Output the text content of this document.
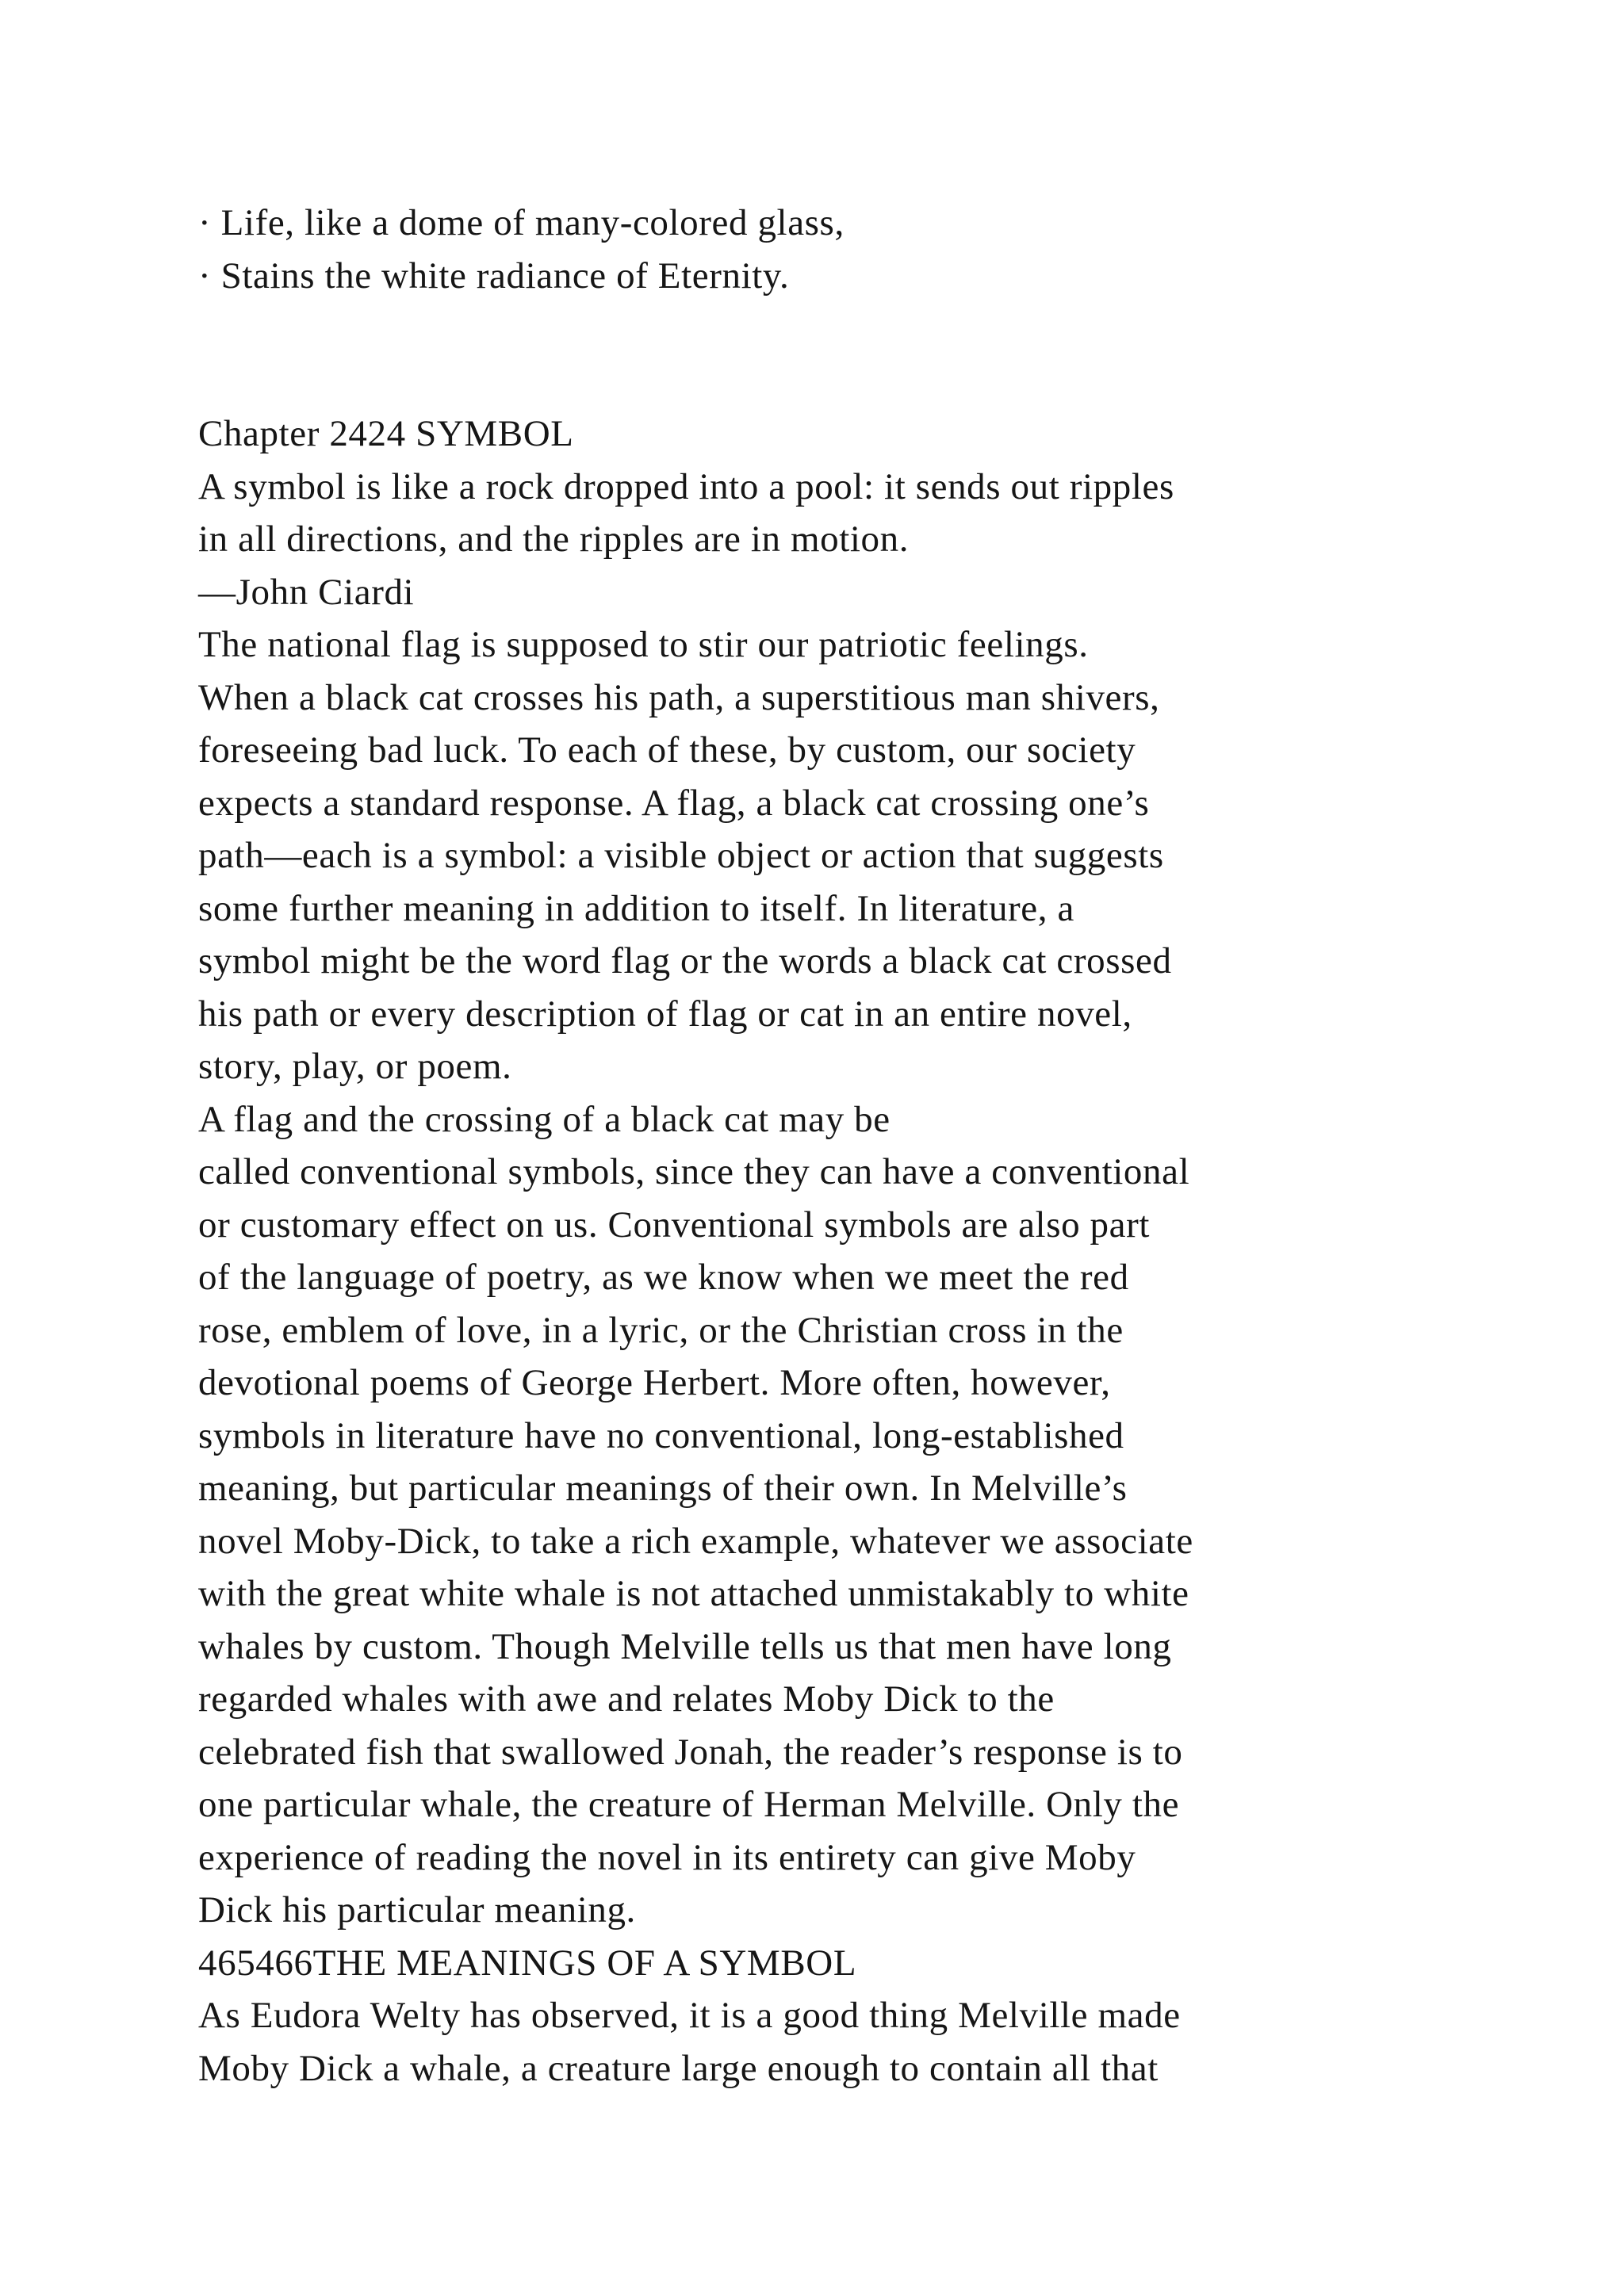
· Life, like a dome of many-colored glass,
· Stains the white radiance of Eternity.
Chapter 2424 SYMBOL
A symbol is like a rock dropped into a pool: it sends out ripples
in all directions, and the ripples are in motion.
—John Ciardi
The national flag is supposed to stir our patriotic feelings.
When a black cat crosses his path, a superstitious man shivers,
foreseeing bad luck. To each of these, by custom, our society
expects a standard response. A flag, a black cat crossing one’s
path—each is a symbol: a visible object or action that suggests
some further meaning in addition to itself. In literature, a
symbol might be the word flag or the words a black cat crossed
his path or every description of flag or cat in an entire novel,
story, play, or poem.
A flag and the crossing of a black cat may be
called conventional symbols, since they can have a conventional
or customary effect on us. Conventional symbols are also part
of the language of poetry, as we know when we meet the red
rose, emblem of love, in a lyric, or the Christian cross in the
devotional poems of George Herbert. More often, however,
symbols in literature have no conventional, long-established
meaning, but particular meanings of their own. In Melville’s
novel Moby-Dick, to take a rich example, whatever we associate
with the great white whale is not attached unmistakably to white
whales by custom. Though Melville tells us that men have long
regarded whales with awe and relates Moby Dick to the
celebrated fish that swallowed Jonah, the reader’s response is to
one particular whale, the creature of Herman Melville. Only the
experience of reading the novel in its entirety can give Moby
Dick his particular meaning.
465466THE MEANINGS OF A SYMBOL
As Eudora Welty has observed, it is a good thing Melville made
Moby Dick a whale, a creature large enough to contain all that
